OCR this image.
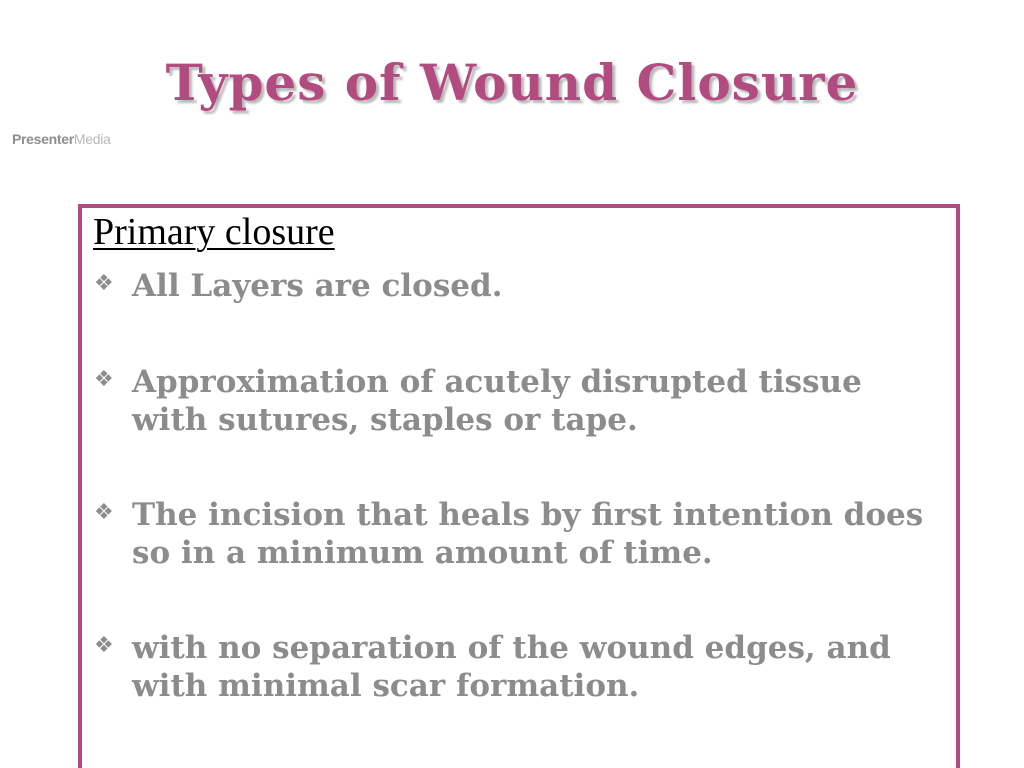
Types of Wound Closure
PresenterMedia
Primary closure
❖ All Layers are closed.
❖ Approximation of acutely disrupted tissue with sutures, staples or tape.
❖ The incision that heals by first intention does so in a minimum amount of time.
❖ with no separation of the wound edges, and with minimal scar formation.
